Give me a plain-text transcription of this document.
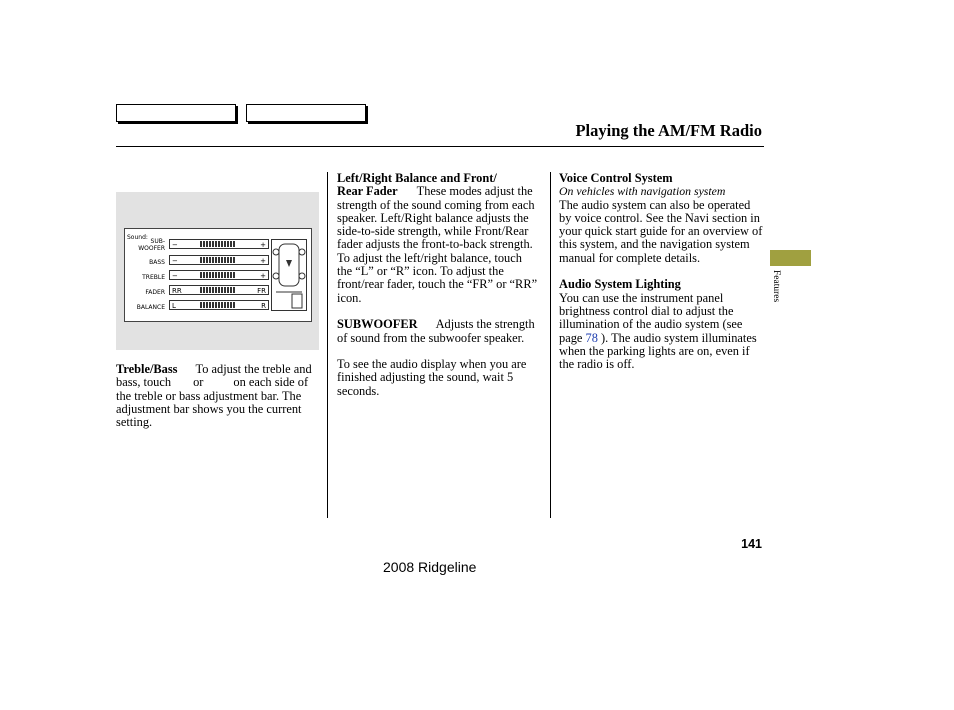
Playing the AM/FM Radio
Sound:
SUB-
WOOFER −	+
BASS −	+
TREBLE −	+
FADER RR	FR
BALANCE L	R

Treble/Bass To adjust the treble and bass, touch or on each side of the treble or bass adjustment bar. The adjustment bar shows you the current setting.

Left/Right Balance and Front/
Rear Fader These modes adjust the strength of the sound coming from each speaker. Left/Right balance adjusts the side-to-side strength, while Front/Rear fader adjusts the front-to-back strength. To adjust the left/right balance, touch the “L” or “R” icon. To adjust the front/rear fader, touch the “FR” or “RR” icon.

SUBWOOFER Adjusts the strength of sound from the subwoofer speaker.

To see the audio display when you are finished adjusting the sound, wait 5 seconds.

Voice Control System

On vehicles with navigation system

The audio system can also be operated by voice control. See the Navi section in your quick start guide for an overview of this system, and the navigation system manual for complete details.

Audio System Lighting

You can use the instrument panel brightness control dial to adjust the illumination of the audio system (see page 78 ). The audio system illuminates when the parking lights are on, even if the radio is off.

Features
141
2008 Ridgeline
